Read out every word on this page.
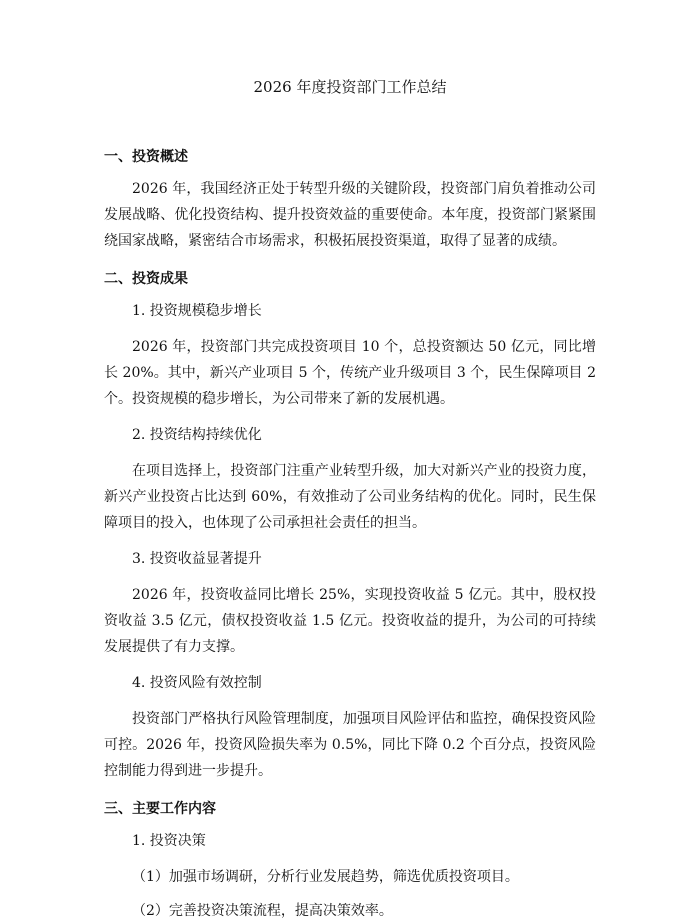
2026 年度投资部门工作总结
一、投资概述

2026 年，我国经济正处于转型升级的关键阶段，投资部门肩负着推动公司发展战略、优化投资结构、提升投资效益的重要使命。本年度，投资部门紧紧围绕国家战略，紧密结合市场需求，积极拓展投资渠道，取得了显著的成绩。

二、投资成果
1. 投资规模稳步增长

2026 年，投资部门共完成投资项目 10 个，总投资额达 50 亿元，同比增长 20%。其中，新兴产业项目 5 个，传统产业升级项目 3 个，民生保障项目 2 个。投资规模的稳步增长，为公司带来了新的发展机遇。

2. 投资结构持续优化

在项目选择上，投资部门注重产业转型升级，加大对新兴产业的投资力度，新兴产业投资占比达到 60%，有效推动了公司业务结构的优化。同时，民生保障项目的投入，也体现了公司承担社会责任的担当。

3. 投资收益显著提升

2026 年，投资收益同比增长 25%，实现投资收益 5 亿元。其中，股权投资收益 3.5 亿元，债权投资收益 1.5 亿元。投资收益的提升，为公司的可持续发展提供了有力支撑。

4. 投资风险有效控制

投资部门严格执行风险管理制度，加强项目风险评估和监控，确保投资风险可控。2026 年，投资风险损失率为 0.5%，同比下降 0.2 个百分点，投资风险控制能力得到进一步提升。

三、主要工作内容
1. 投资决策
（1）加强市场调研，分析行业发展趋势，筛选优质投资项目。
（2）完善投资决策流程，提高决策效率。
